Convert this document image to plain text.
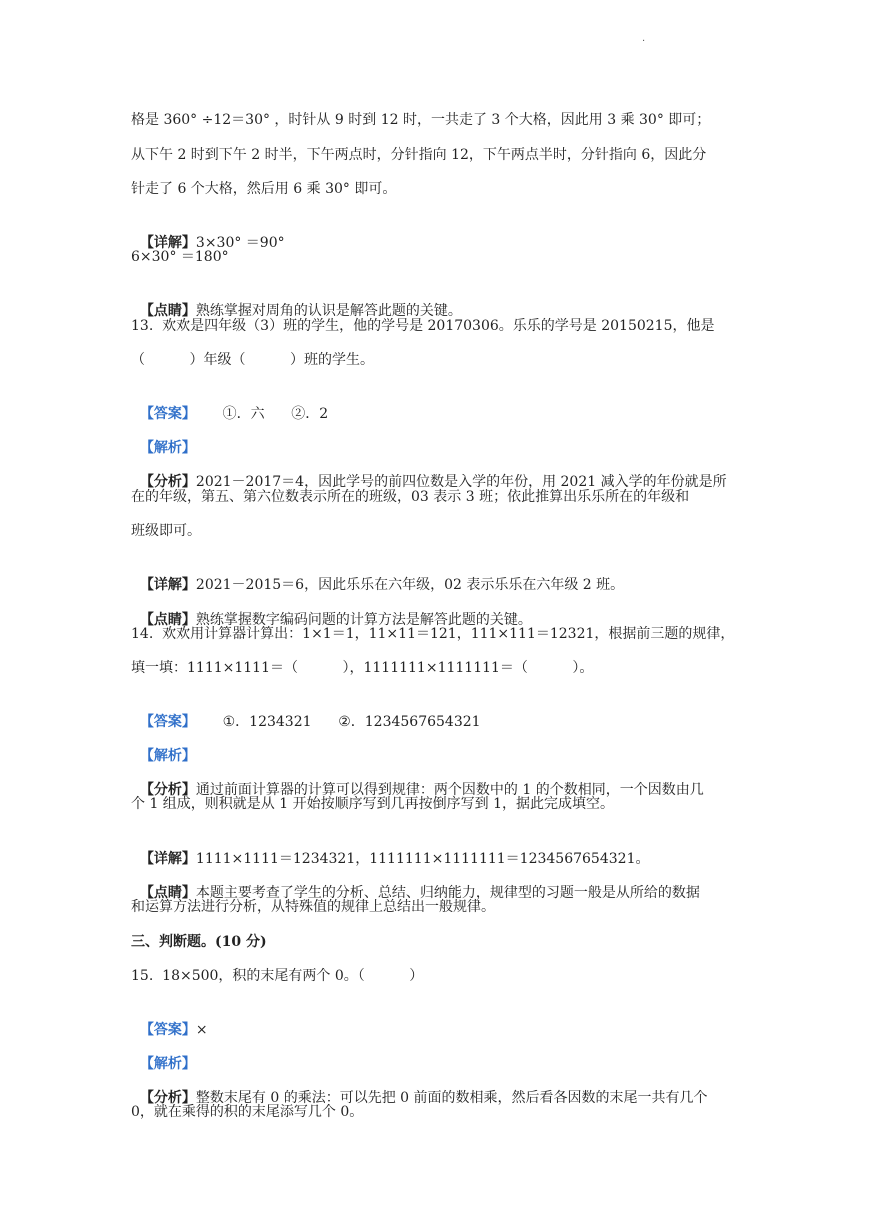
.
格是 360° ÷12＝30° ，时针从 9 时到 12 时，一共走了 3 个大格，因此用 3 乘 30° 即可；
从下午 2 时到下午 2 时半，下午两点时，分针指向 12，下午两点半时，分针指向 6，因此分
针走了 6 个大格，然后用 6 乘 30° 即可。

【详解】3×30° ＝90°

6×30° ＝180°

【点睛】熟练掌握对周角的认识是解答此题的关键。

13.  欢欢是四年级（3）班的学生，他的学号是 20170306。乐乐的学号是 20150215，他是
（          ）年级（          ）班的学生。

【答案】      ①．六      ②．2

【解析】

【分析】2021－2017＝4，因此学号的前四位数是入学的年份，用 2021 减入学的年份就是所

在的年级，第五、第六位数表示所在的班级，03 表示 3 班；依此推算出乐乐所在的年级和
班级即可。

【详解】2021－2015＝6，因此乐乐在六年级，02 表示乐乐在六年级 2 班。

【点睛】熟练掌握数字编码问题的计算方法是解答此题的关键。

14.  欢欢用计算器计算出：1×1＝1，11×11＝121，111×111＝12321，根据前三题的规律，
填一填：1111×1111＝（          ），1111111×1111111＝（          ）。

【答案】      ①．1234321      ②．1234567654321

【解析】

【分析】通过前面计算器的计算可以得到规律：两个因数中的 1 的个数相同，一个因数由几

个 1 组成，则积就是从 1 开始按顺序写到几再按倒序写到 1，据此完成填空。

【详解】1111×1111＝1234321，1111111×1111111＝1234567654321。

【点睛】本题主要考查了学生的分析、总结、归纳能力，规律型的习题一般是从所给的数据

和运算方法进行分析，从特殊值的规律上总结出一般规律。
三、判断题。(10 分)
15.  18×500，积的末尾有两个 0。（          ）

【答案】×

【解析】

【分析】整数末尾有 0 的乘法：可以先把 0 前面的数相乘，然后看各因数的末尾一共有几个

0，就在乘得的积的末尾添写几个 0。
